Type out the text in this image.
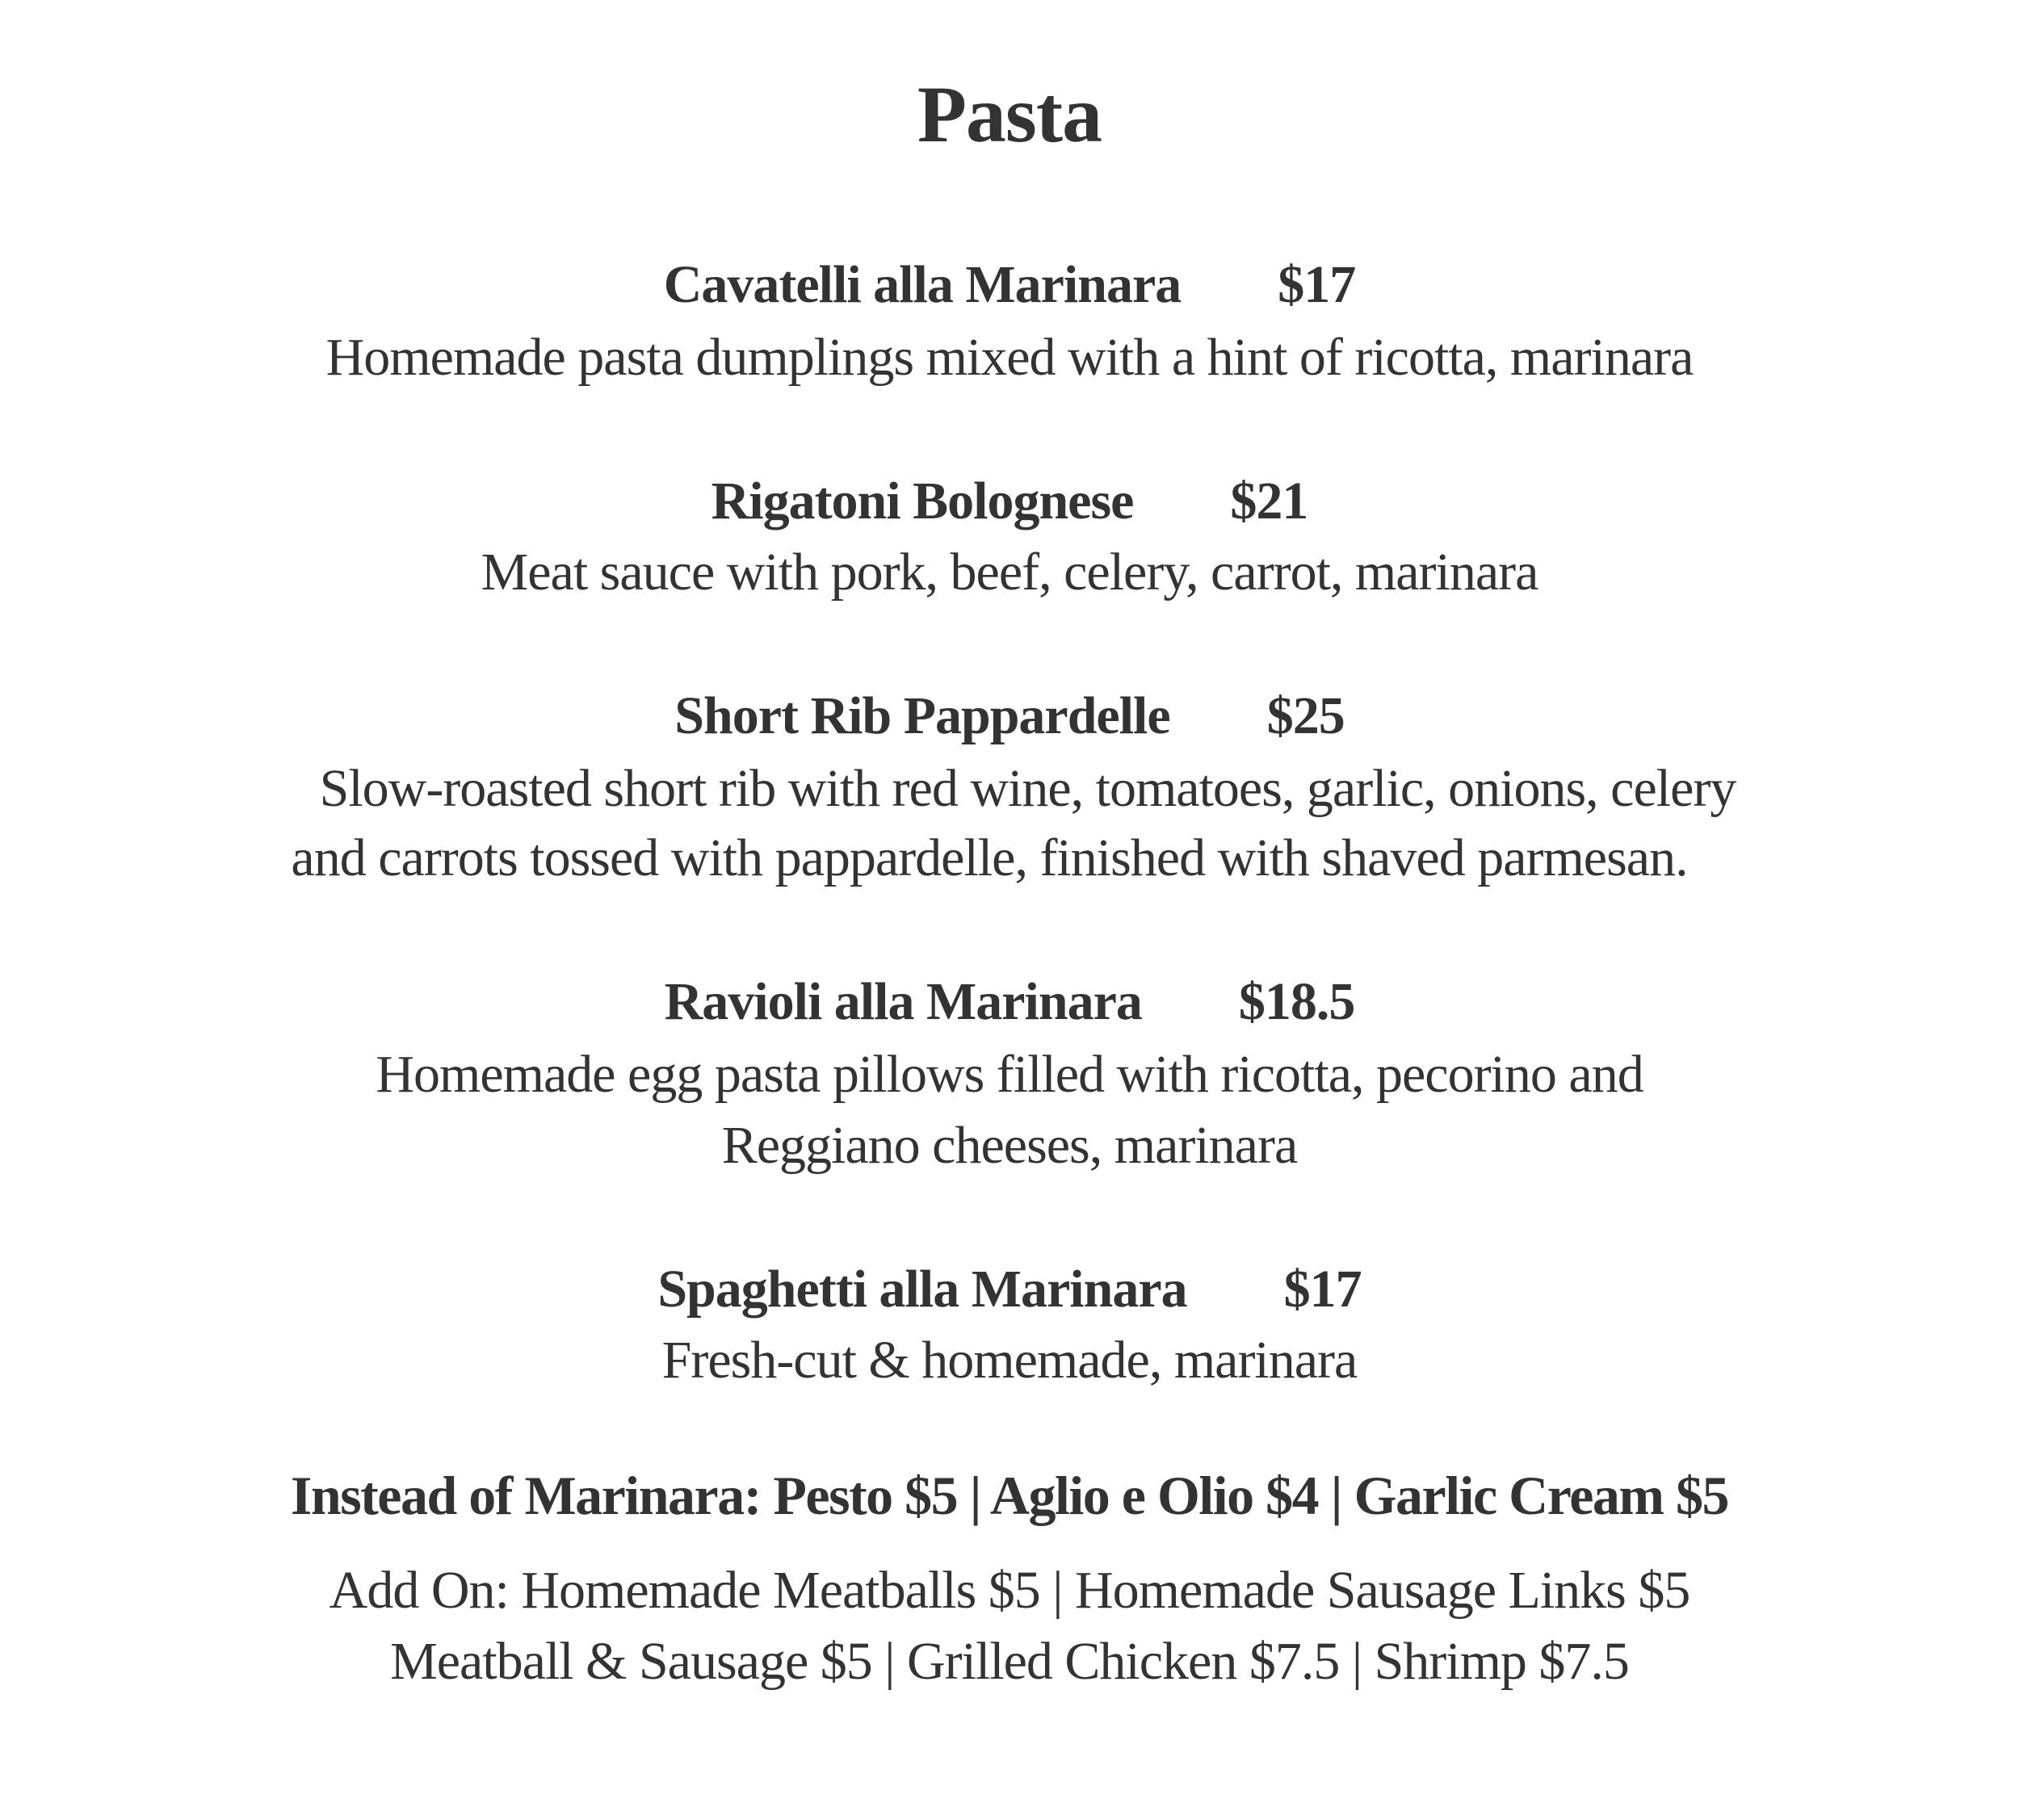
Pasta
Cavatelli alla Marinara $17
Homemade pasta dumplings mixed with a hint of ricotta, marinara
Rigatoni Bolognese $21
Meat sauce with pork, beef, celery, carrot, marinara
Short Rib Pappardelle $25
Slow-roasted short rib with red wine, tomatoes, garlic, onions, celery
and carrots tossed with pappardelle, finished with shaved parmesan.
Ravioli alla Marinara $18.5
Homemade egg pasta pillows filled with ricotta, pecorino and
Reggiano cheeses, marinara
Spaghetti alla Marinara $17
Fresh-cut & homemade, marinara
Instead of Marinara: Pesto $5 | Aglio e Olio $4 | Garlic Cream $5
Add On: Homemade Meatballs $5 | Homemade Sausage Links $5
Meatball & Sausage $5 | Grilled Chicken $7.5 | Shrimp $7.5
